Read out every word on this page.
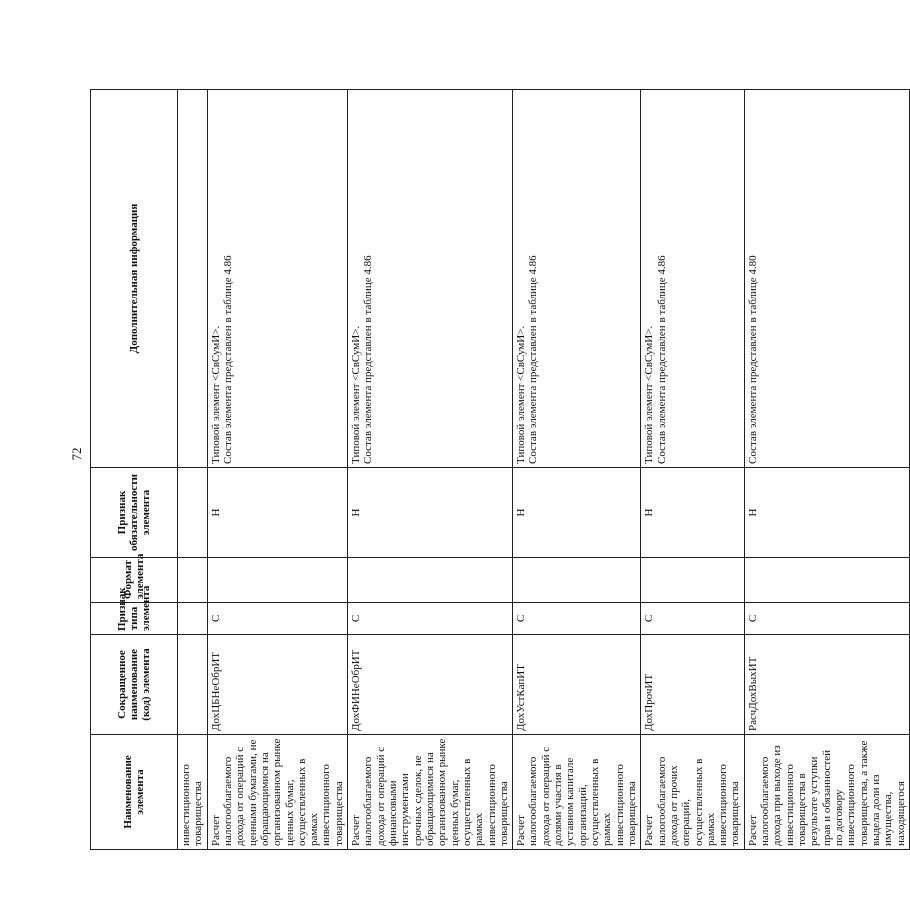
72
Наименование элемента	Сокращенное наименование (код) элемента	Признак типа элемента	Формат элемента	Признак обязательности элемента	Дополнительная информация
инвестиционного товарищества					
Расчет налогооблагаемого дохода от операций с ценными бумагами, не обращающимися на организованном рынке ценных бумаг, осуществленных в рамках инвестиционного товарищества	ДохЦБНеОбрИТ	С		Н	Типовой элемент <СвСумИ>. Состав элемента представлен в таблице 4.86

Расчет налогооблагаемого дохода от операций с финансовыми инструментами срочных сделок, не обращающимися на организованном рынке ценных бумаг, осуществленных в рамках инвестиционного товарищества	ДохФИНеОбрИТ	С		Н	Типовой элемент <СвСумИ>. Состав элемента представлен в таблице 4.86

Расчет налогооблагаемого дохода от операций с долями участия в уставном капитале организаций, осуществленных в рамках инвестиционного товарищества	ДохУстКапИТ	С		Н	Типовой элемент <СвСумИ>. Состав элемента представлен в таблице 4.86

Расчет налогооблагаемого дохода от прочих операций, осуществленных в рамках инвестиционного товарищества	ДохПрочИТ	С		Н	Типовой элемент <СвСумИ>. Состав элемента представлен в таблице 4.86

Расчет налогооблагаемого дохода при выходе из инвестиционного товарищества в результате уступки прав и обязанностей по договору инвестиционного товарищества, а также выдела доли из имущества, находящегося	РасчДохВыхИТ	С		Н	Состав элемента представлен в таблице 4.80
